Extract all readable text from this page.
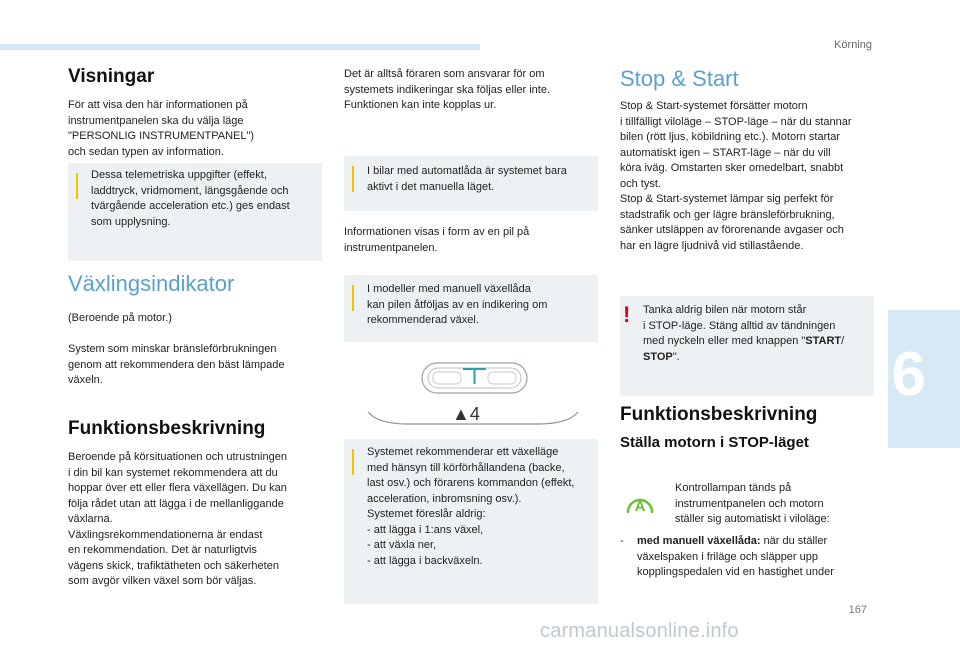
Körning
6
Visningar

För att visa den här informationen på
instrumentpanelen ska du välja läge
"PERSONLIG INSTRUMENTPANEL")
och sedan typen av information.

Dessa telemetriska uppgifter (effekt,
laddtryck, vridmoment, längsgående och
tvärgående acceleration etc.) ges endast
som upplysning.
Växlingsindikator

(Beroende på motor.)

System som minskar bränsleförbrukningen
genom att rekommendera den bäst lämpade
växeln.

Funktionsbeskrivning

Beroende på körsituationen och utrustningen
i din bil kan systemet rekommendera att du
hoppar över ett eller flera växellägen. Du kan
följa rådet utan att lägga i de mellanliggande
växlarna.
Växlingsrekommendationerna är endast
en rekommendation. Det är naturligtvis
vägens skick, trafiktätheten och säkerheten
som avgör vilken växel som bör väljas.

Det är alltså föraren som ansvarar för om
systemets indikeringar ska följas eller inte.
Funktionen kan inte kopplas ur.

I bilar med automatlåda är systemet bara
aktivt i det manuella läget.

Informationen visas i form av en pil på
instrumentpanelen.

I modeller med manuell växellåda
kan pilen åtföljas av en indikering om
rekommenderad växel.
▲4
Systemet rekommenderar ett växelläge
med hänsyn till körförhållandena (backe,
last osv.) och förarens kommandon (effekt,
acceleration, inbromsning osv.).
Systemet föreslår aldrig:
- att lägga i 1:ans växel,
- att växla ner,
- att lägga i backväxeln.
Stop & Start

Stop & Start-systemet försätter motorn
i tillfälligt viloläge – STOP-läge – när du stannar
bilen (rött ljus, köbildning etc.). Motorn startar
automatiskt igen – START-läge – när du vill
köra iväg. Omstarten sker omedelbart, snabbt
och tyst.
Stop & Start-systemet lämpar sig perfekt för
stadstrafik och ger lägre bränsleförbrukning,
sänker utsläppen av förorenande avgaser och
har en lägre ljudnivå vid stillastående.

! Tanka aldrig bilen när motorn står
i STOP-läge. Stäng alltid av tändningen
med nyckeln eller med knappen "START/
STOP".
Funktionsbeskrivning
Ställa motorn i STOP-läget
A

Kontrollampan tänds på
instrumentpanelen och motorn
ställer sig automatiskt i viloläge:

- med manuell växellåda: när du ställer
växelspaken i friläge och släpper upp
kopplingspedalen vid en hastighet under

167
carmanualsonline.info
